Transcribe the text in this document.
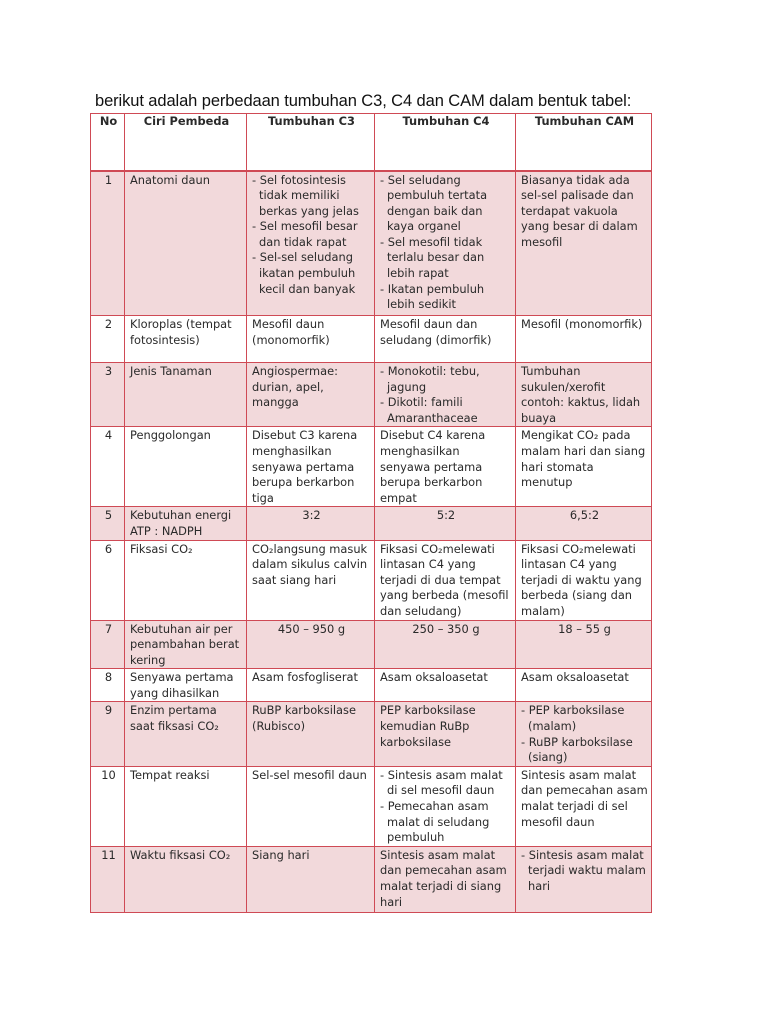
berikut adalah perbedaan tumbuhan C3, C4 dan CAM dalam bentuk tabel:
No	Ciri Pembeda	Tumbuhan C3	Tumbuhan C4	Tumbuhan CAM
1	Anatomi daun	- Sel fotosintesis tidak memiliki berkas yang jelas
- Sel mesofil besar dan tidak rapat
- Sel-sel seludang ikatan pembuluh kecil dan banyak	- Sel seludang pembuluh tertata dengan baik dan kaya organel
- Sel mesofil tidak terlalu besar dan lebih rapat
- Ikatan pembuluh lebih sedikit	Biasanya tidak ada sel-sel palisade dan terdapat vakuola yang besar di dalam mesofil

2	Kloroplas (tempat fotosintesis)	Mesofil daun (monomorfik)	Mesofil daun dan seludang (dimorfik)	Mesofil (monomorfik)

3	Jenis Tanaman	Angiospermae: durian, apel, mangga	- Monokotil: tebu, jagung
- Dikotil: famili Amaranthaceae	Tumbuhan sukulen/xerofit contoh: kaktus, lidah buaya

4	Penggolongan	Disebut C3 karena menghasilkan senyawa pertama berupa berkarbon tiga	Disebut C4 karena menghasilkan senyawa pertama berupa berkarbon empat	Mengikat CO₂ pada malam hari dan siang hari stomata menutup

5	Kebutuhan energi ATP : NADPH	3:2	5:2	6,5:2

6	Fiksasi CO₂	CO₂langsung masuk dalam sikulus calvin saat siang hari	Fiksasi CO₂melewati lintasan C4 yang terjadi di dua tempat yang berbeda (mesofil dan seludang)	Fiksasi CO₂melewati lintasan C4 yang terjadi di waktu yang berbeda (siang dan malam)

7	Kebutuhan air per penambahan berat kering	450 – 950 g	250 – 350 g	18 – 55 g

8	Senyawa pertama yang dihasilkan	Asam fosfogliserat	Asam oksaloasetat	Asam oksaloasetat

9	Enzim pertama saat fiksasi CO₂	RuBP karboksilase (Rubisco)	PEP karboksilase kemudian RuBp karboksilase	- PEP karboksilase (malam)
- RuBP karboksilase (siang)

10	Tempat reaksi	Sel-sel mesofil daun	- Sintesis asam malat di sel mesofil daun
- Pemecahan asam malat di seludang pembuluh	Sintesis asam malat dan pemecahan asam malat terjadi di sel mesofil daun

11	Waktu fiksasi CO₂	Siang hari	Sintesis asam malat dan pemecahan asam malat terjadi di siang hari	- Sintesis asam malat terjadi waktu malam hari
